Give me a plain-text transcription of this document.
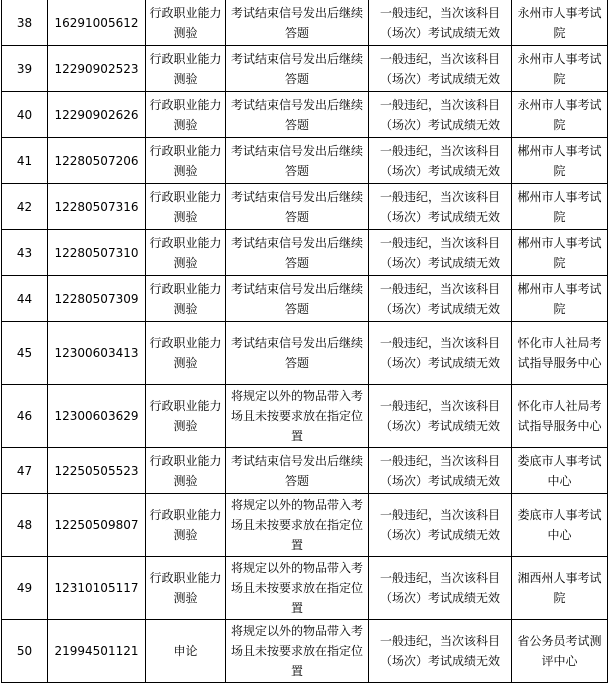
38	16291005612	行政职业能力测验	考试结束信号发出后继续答题	一般违纪，当次该科目（场次）考试成绩无效	永州市人事考试院
39	12290902523	行政职业能力测验	考试结束信号发出后继续答题	一般违纪，当次该科目（场次）考试成绩无效	永州市人事考试院
40	12290902626	行政职业能力测验	考试结束信号发出后继续答题	一般违纪，当次该科目（场次）考试成绩无效	永州市人事考试院
41	12280507206	行政职业能力测验	考试结束信号发出后继续答题	一般违纪，当次该科目（场次）考试成绩无效	郴州市人事考试院
42	12280507316	行政职业能力测验	考试结束信号发出后继续答题	一般违纪，当次该科目（场次）考试成绩无效	郴州市人事考试院
43	12280507310	行政职业能力测验	考试结束信号发出后继续答题	一般违纪，当次该科目（场次）考试成绩无效	郴州市人事考试院
44	12280507309	行政职业能力测验	考试结束信号发出后继续答题	一般违纪，当次该科目（场次）考试成绩无效	郴州市人事考试院
45	12300603413	行政职业能力测验	考试结束信号发出后继续答题	一般违纪，当次该科目（场次）考试成绩无效	怀化市人社局考试指导服务中心
46	12300603629	行政职业能力测验	将规定以外的物品带入考场且未按要求放在指定位置	一般违纪，当次该科目（场次）考试成绩无效	怀化市人社局考试指导服务中心
47	12250505523	行政职业能力测验	考试结束信号发出后继续答题	一般违纪，当次该科目（场次）考试成绩无效	娄底市人事考试中心
48	12250509807	行政职业能力测验	将规定以外的物品带入考场且未按要求放在指定位置	一般违纪，当次该科目（场次）考试成绩无效	娄底市人事考试中心
49	12310105117	行政职业能力测验	将规定以外的物品带入考场且未按要求放在指定位置	一般违纪，当次该科目（场次）考试成绩无效	湘西州人事考试院
50	21994501121	申论	将规定以外的物品带入考场且未按要求放在指定位置	一般违纪，当次该科目（场次）考试成绩无效	省公务员考试测评中心
